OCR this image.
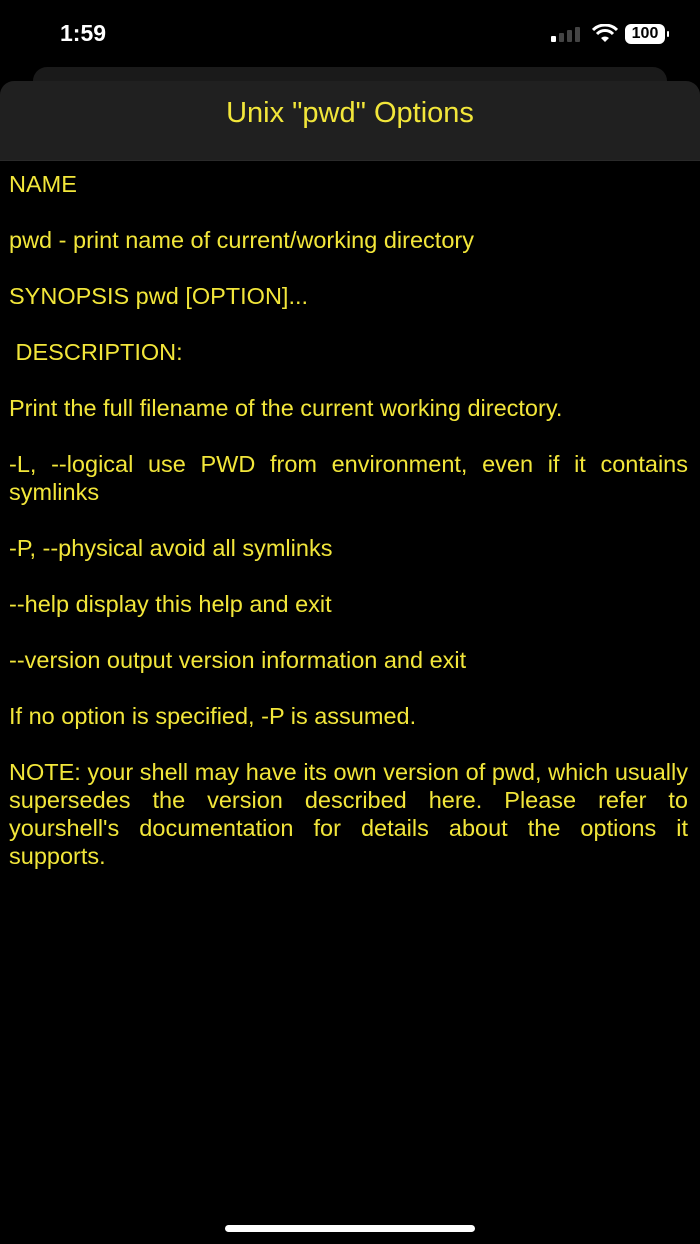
1:59	100
Unix "pwd" Options

NAME

pwd - print name of current/working directory

SYNOPSIS pwd [OPTION]...

DESCRIPTION:

Print the full filename of the current working directory.

-L, --logical use PWD from environment, even if it contains symlinks

-P, --physical avoid all symlinks

--help display this help and exit

--version output version information and exit

If no option is specified, -P is assumed.

NOTE: your shell may have its own version of pwd, which usually supersedes the version described here. Please refer to yourshell's documentation for details about the options it supports.
